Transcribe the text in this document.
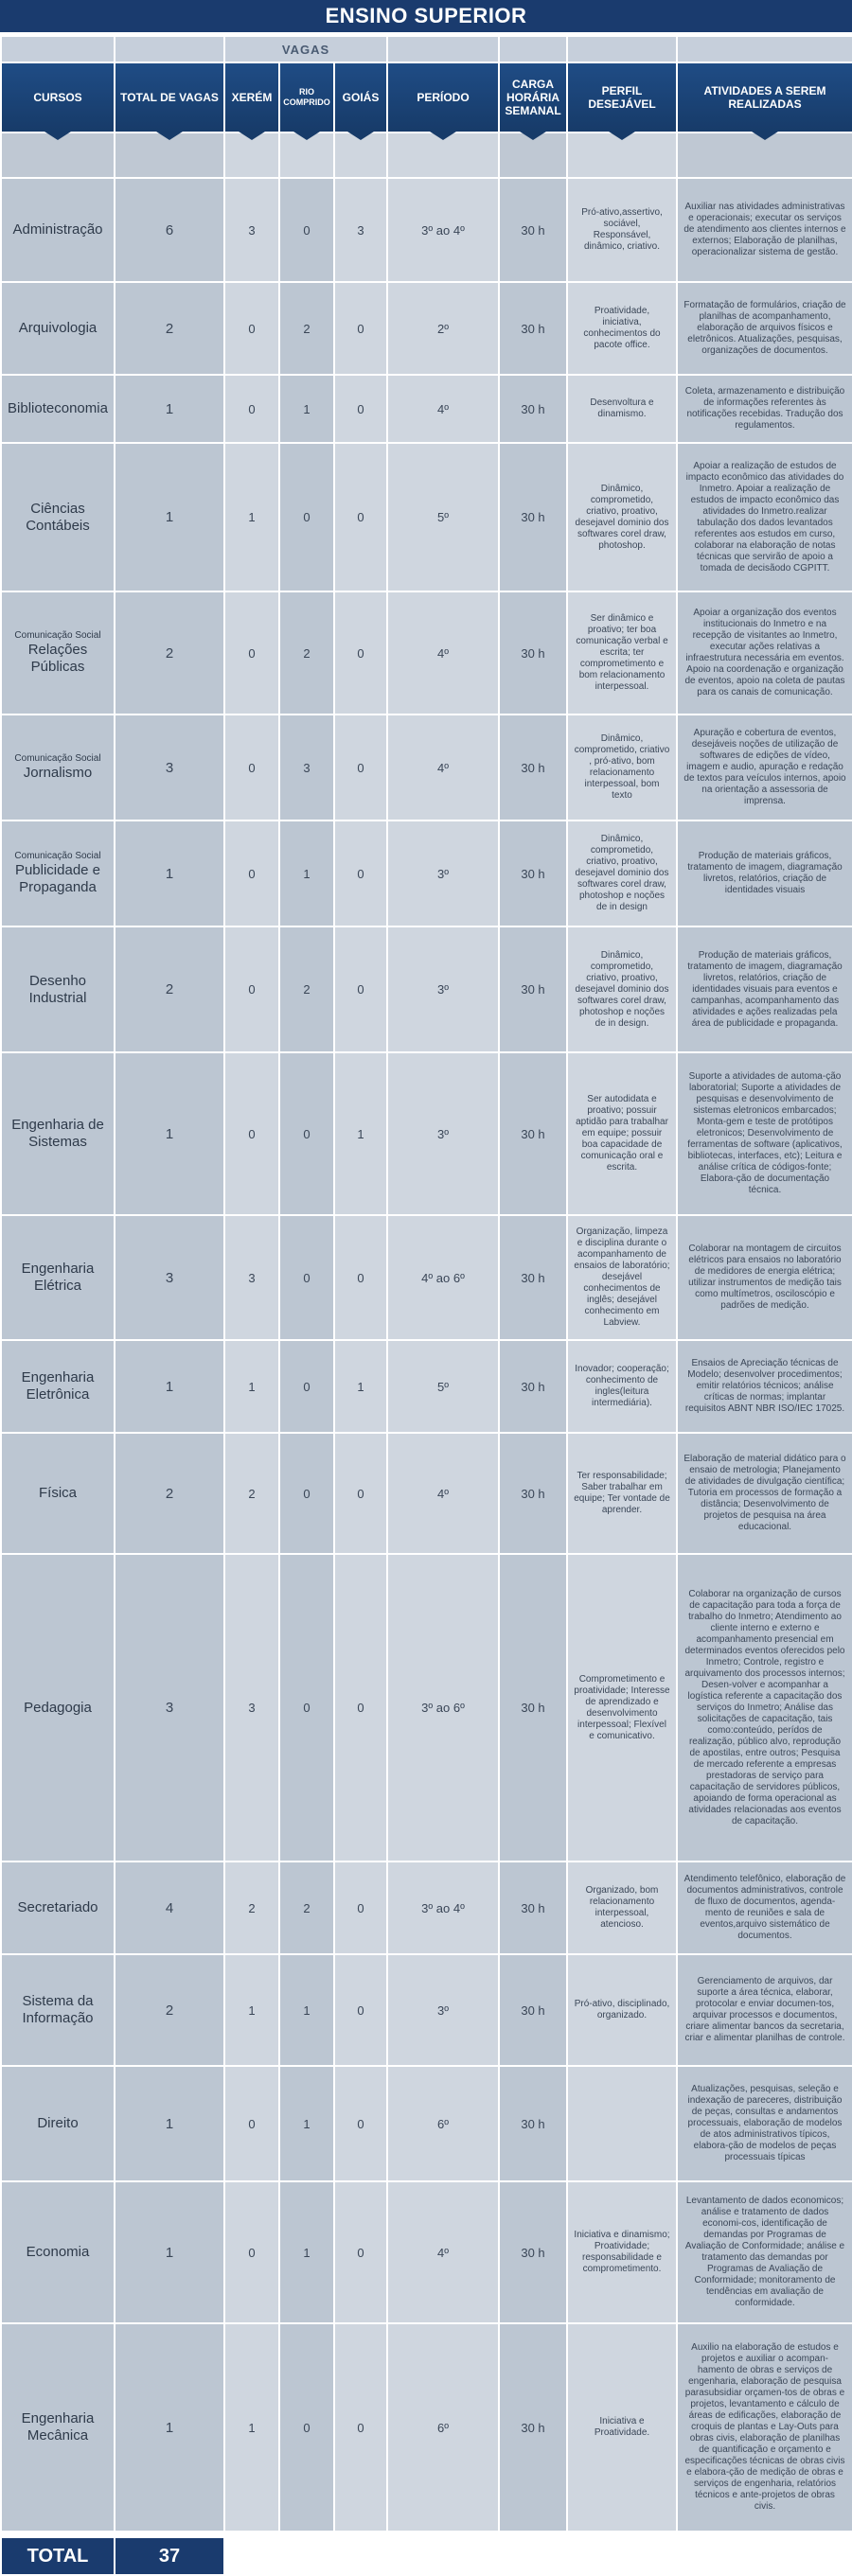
ENSINO SUPERIOR
		VAGAS						
CURSOS	TOTAL DE VAGAS	XERÉM	RIO COMPRIDO	GOIÁS	PERÍODO	CARGA HORÁRIA SEMANAL	PERFIL DESEJÁVEL	ATIVIDADES A SEREM REALIZADAS

Administração	6	3	0	3	3º ao 4º	30 h	Pró-ativo,assertivo, sociável, Responsável, dinâmico, criativo.	Auxiliar nas atividades administrativas e operacionais; executar os serviços de atendimento aos clientes internos e externos; Elaboração de planilhas, operacionalizar sistema de gestão.

Arquivologia	2	0	2	0	2º	30 h	Proatividade, iniciativa, conhecimentos do pacote office.	Formatação de formulários, criação de planilhas de acompanhamento, elaboração de arquivos físicos e eletrônicos. Atualizações, pesquisas, organizações de documentos.

Biblioteconomia	1	0	1	0	4º	30 h	Desenvoltura e dinamismo.	Coleta, armazenamento e distribuição de informações referentes às notificações recebidas. Tradução dos regulamentos.

Ciências Contábeis	1	1	0	0	5º	30 h	Dinâmico, comprometido, criativo, proativo, desejavel dominio dos softwares corel draw, photoshop.	Apoiar a realização de estudos de impacto econômico das atividades do Inmetro. Apoiar a realização de estudos de impacto econômico das atividades do Inmetro.realizar tabulação dos dados levantados referentes aos estudos em curso, colaborar na elaboração de notas técnicas que servirão de apoio a tomada de decisãodo CGPITT.

Comunicação Social
Relações Públicas	2	0	2	0	4º	30 h	Ser dinâmico e proativo; ter boa comunicação verbal e escrita; ter comprometimento e bom relacionamento interpessoal.	Apoiar a organização dos eventos institucionais do Inmetro e na recepção de visitantes ao Inmetro, executar ações relativas a infraestrutura necessária em eventos. Apoio na coordenação e organização de eventos, apoio na coleta de pautas para os canais de comunicação.

Comunicação Social
Jornalismo	3	0	3	0	4º	30 h	Dinâmico, comprometido, criativo , pró-ativo, bom relacionamento interpessoal, bom texto	Apuração e cobertura de eventos, desejáveis noções de utilização de softwares de edições de vídeo, imagem e audio, apuração e redação de textos para veículos internos, apoio na orientação a assessoria de imprensa.

Comunicação Social
Publicidade e Propaganda	1	0	1	0	3º	30 h	Dinâmico, comprometido, criativo, proativo, desejavel dominio dos softwares corel draw, photoshop e noções de in design	Produção de materiais gráficos, tratamento de imagem, diagramação livretos, relatórios, criação de identidades visuais

Desenho Industrial	2	0	2	0	3º	30 h	Dinâmico, comprometido, criativo, proativo, desejavel dominio dos softwares corel draw, photoshop e noções de in design.	Produção de materiais gráficos, tratamento de imagem, diagramação livretos, relatórios, criação de identidades visuais para eventos e campanhas, acompanhamento das atividades e ações realizadas pela área de publicidade e propaganda.

Engenharia de Sistemas	1	0	0	1	3º	30 h	Ser autodidata e proativo; possuir aptidão para trabalhar em equipe; possuir boa capacidade de comunicação oral e escrita.	Suporte a atividades de automa-ção laboratorial; Suporte a atividades de pesquisas e desenvolvimento de sistemas eletronicos embarcados; Monta-gem e teste de protótipos eletronicos; Desenvolvimento de ferramentas de software (aplicativos, bibliotecas, interfaces, etc); Leitura e análise crítica de códigos-fonte; Elabora-ção de documentação técnica.

Engenharia Elétrica	3	3	0	0	4º ao 6º	30 h	Organização, limpeza e disciplina durante o acompanhamento de ensaios de laboratório; desejável conhecimentos de inglês; desejável conhecimento em Labview.	Colaborar na montagem de circuitos elétricos para ensaios no laboratório de medidores de energia elétrica; utilizar instrumentos de medição tais como multímetros, osciloscópio e padrões de medição.

Engenharia Eletrônica	1	1	0	1	5º	30 h	Inovador; cooperação; conhecimento de ingles(leitura intermediária).	Ensaios de Apreciação técnicas de Modelo; desenvolver procedimentos; emitir relatórios técnicos; análise críticas de normas; implantar requisitos ABNT NBR ISO/IEC 17025.

Física	2	2	0	0	4º	30 h	Ter responsabilidade; Saber trabalhar em equipe; Ter vontade de aprender.	Elaboração de material didático para o ensaio de metrologia; Planejamento de atividades de divulgação científica; Tutoria em processos de formação a distância; Desenvolvimento de projetos de pesquisa na área educacional.

Pedagogia	3	3	0	0	3º ao 6º	30 h	Comprometimento e proatividade; Interesse de aprendizado e desenvolvimento interpessoal; Flexível e comunicativo.	Colaborar na organização de cursos de capacitação para toda a força de trabalho do Inmetro; Atendimento ao cliente interno e externo e acompanhamento presencial em determinados eventos oferecidos pelo Inmetro; Controle, registro e arquivamento dos processos internos; Desen-volver e acompanhar a logística referente a capacitação dos serviços do Inmetro; Análise das solicitações de capacitação, tais como:conteúdo, perídos de realização, público alvo, reprodução de apostilas, entre outros; Pesquisa de mercado referente a empresas prestadoras de serviço para capacitação de servidores públicos, apoiando de forma operacional as atividades relacionadas aos eventos de capacitação.

Secretariado	4	2	2	0	3º ao 4º	30 h	Organizado, bom relacionamento interpessoal, atencioso.	Atendimento telefônico, elaboração de documentos administrativos, controle de fluxo de documentos, agenda-mento de reuniões e sala de eventos,arquivo sistemático de documentos.

Sistema da Informação	2	1	1	0	3º	30 h	Pró-ativo, disciplinado, organizado.	Gerenciamento de arquivos, dar suporte a área técnica, elaborar, protocolar e enviar documen-tos, arquivar processos e documentos, criare alimentar bancos da secretaria, criar e alimentar planilhas de controle.

Direito	1	0	1	0	6º	30 h		Atualizações, pesquisas, seleção e indexação de pareceres, distribuição de peças, consultas e andamentos processuais, elaboração de modelos de atos administrativos típicos, elabora-ção de modelos de peças processuais típicas

Economia	1	0	1	0	4º	30 h	Iniciativa e dinamismo; Proatividade; responsabilidade e comprometimento.	Levantamento de dados economicos; análise e tratamento de dados economi-cos, identificação de demandas por Programas de Avaliação de Conformidade; análise e tratamento das demandas por Programas de Avaliação de Conformidade; monitoramento de tendências em avaliação de conformidade.

Engenharia Mecânica	1	1	0	0	6º	30 h	Iniciativa e Proatividade.	Auxilio na elaboração de estudos e projetos e auxiliar o acompan-hamento de obras e serviços de engenharia, elaboração de pesquisa parasubsidiar orçamen-tos de obras e projetos, levantamento e cálculo de áreas de edificações, elaboração de croquis de plantas e Lay-Outs para obras civis, elaboração de planilhas de quantificação e orçamento e especificações técnicas de obras civis e elabora-ção de medição de obras e serviços de engenharia, relatórios técnicos e ante-projetos de obras civis.
TOTAL	37	
